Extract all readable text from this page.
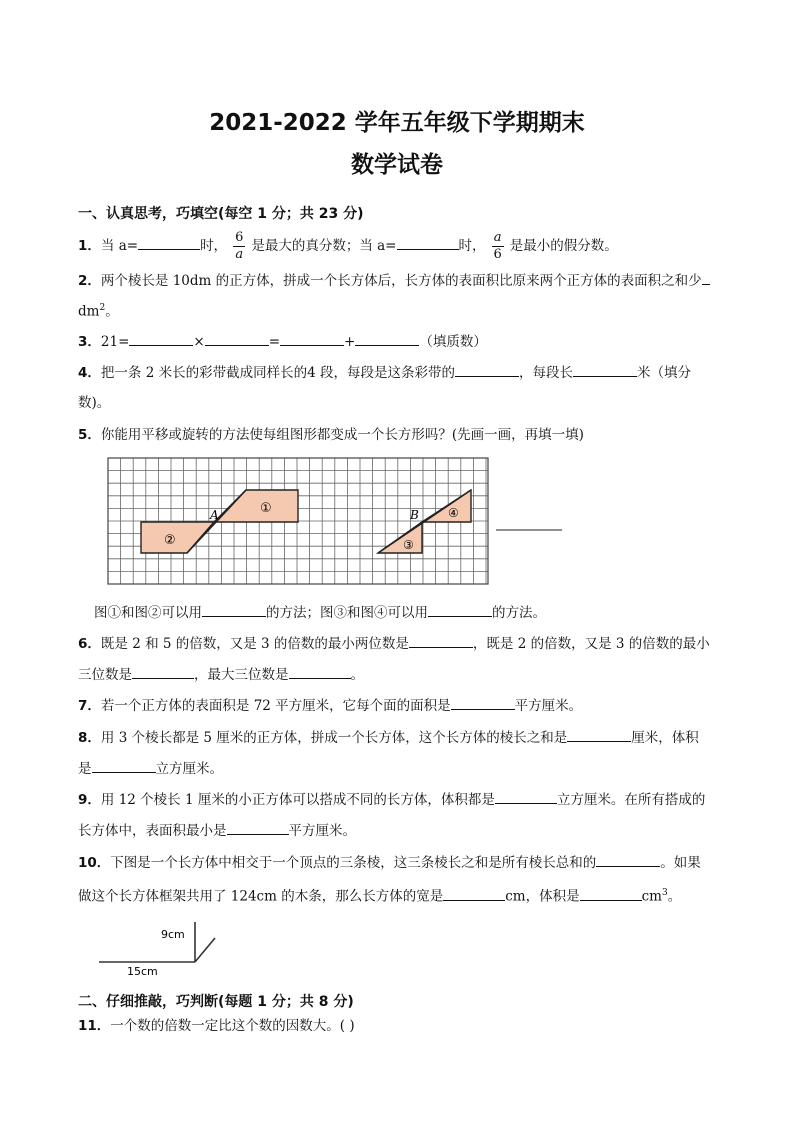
2021-2022 学年五年级下学期期末
数学试卷
一、认真思考，巧填空(每空 1 分；共 23 分)
1．当 a=	时， $\frac{6}{a}$ 是最大的真分数；当 a=	时， $\frac{a}{6}$ 是最小的假分数。
2．两个棱长是 10dm 的正方体，拼成一个长方体后，长方体的表面积比原来两个正方体的表面积之和少
$dm^2$。
3．21=	×	=	+	（填质数）
4．把一条 2 米长的彩带截成同样长的4 段，每段是这条彩带的	，每段长	米（填分
数)。
5．你能用平移或旋转的方法使每组图形都变成一个长方形吗？(先画一画，再填一填)
A	①
②
B ④
③
图①和图②可以用	的方法；图③和图④可以用	的方法。
6．既是 2 和 5 的倍数，又是 3 的倍数的最小两位数是	，既是 2 的倍数，又是 3 的倍数的最小
三位数是	，最大三位数是	。
7．若一个正方体的表面积是 72 平方厘米，它每个面的面积是	平方厘米。
8．用 3 个棱长都是 5 厘米的正方体，拼成一个长方体，这个长方体的棱长之和是	厘米，体积
是	立方厘米。
9．用 12 个棱长 1 厘米的小正方体可以搭成不同的长方体，体积都是	立方厘米。在所有搭成的
长方体中，表面积最小是	平方厘米。
10．下图是一个长方体中相交于一个顶点的三条棱，这三条棱长之和是所有棱长总和的	。如果
做这个长方体框架共用了 124cm 的木条，那么长方体的宽是	cm，体积是	$cm^3$。
9cm
15cm
二、仔细推敲，巧判断(每题 1 分；共 8 分)
11．一个数的倍数一定比这个数的因数大。( )
